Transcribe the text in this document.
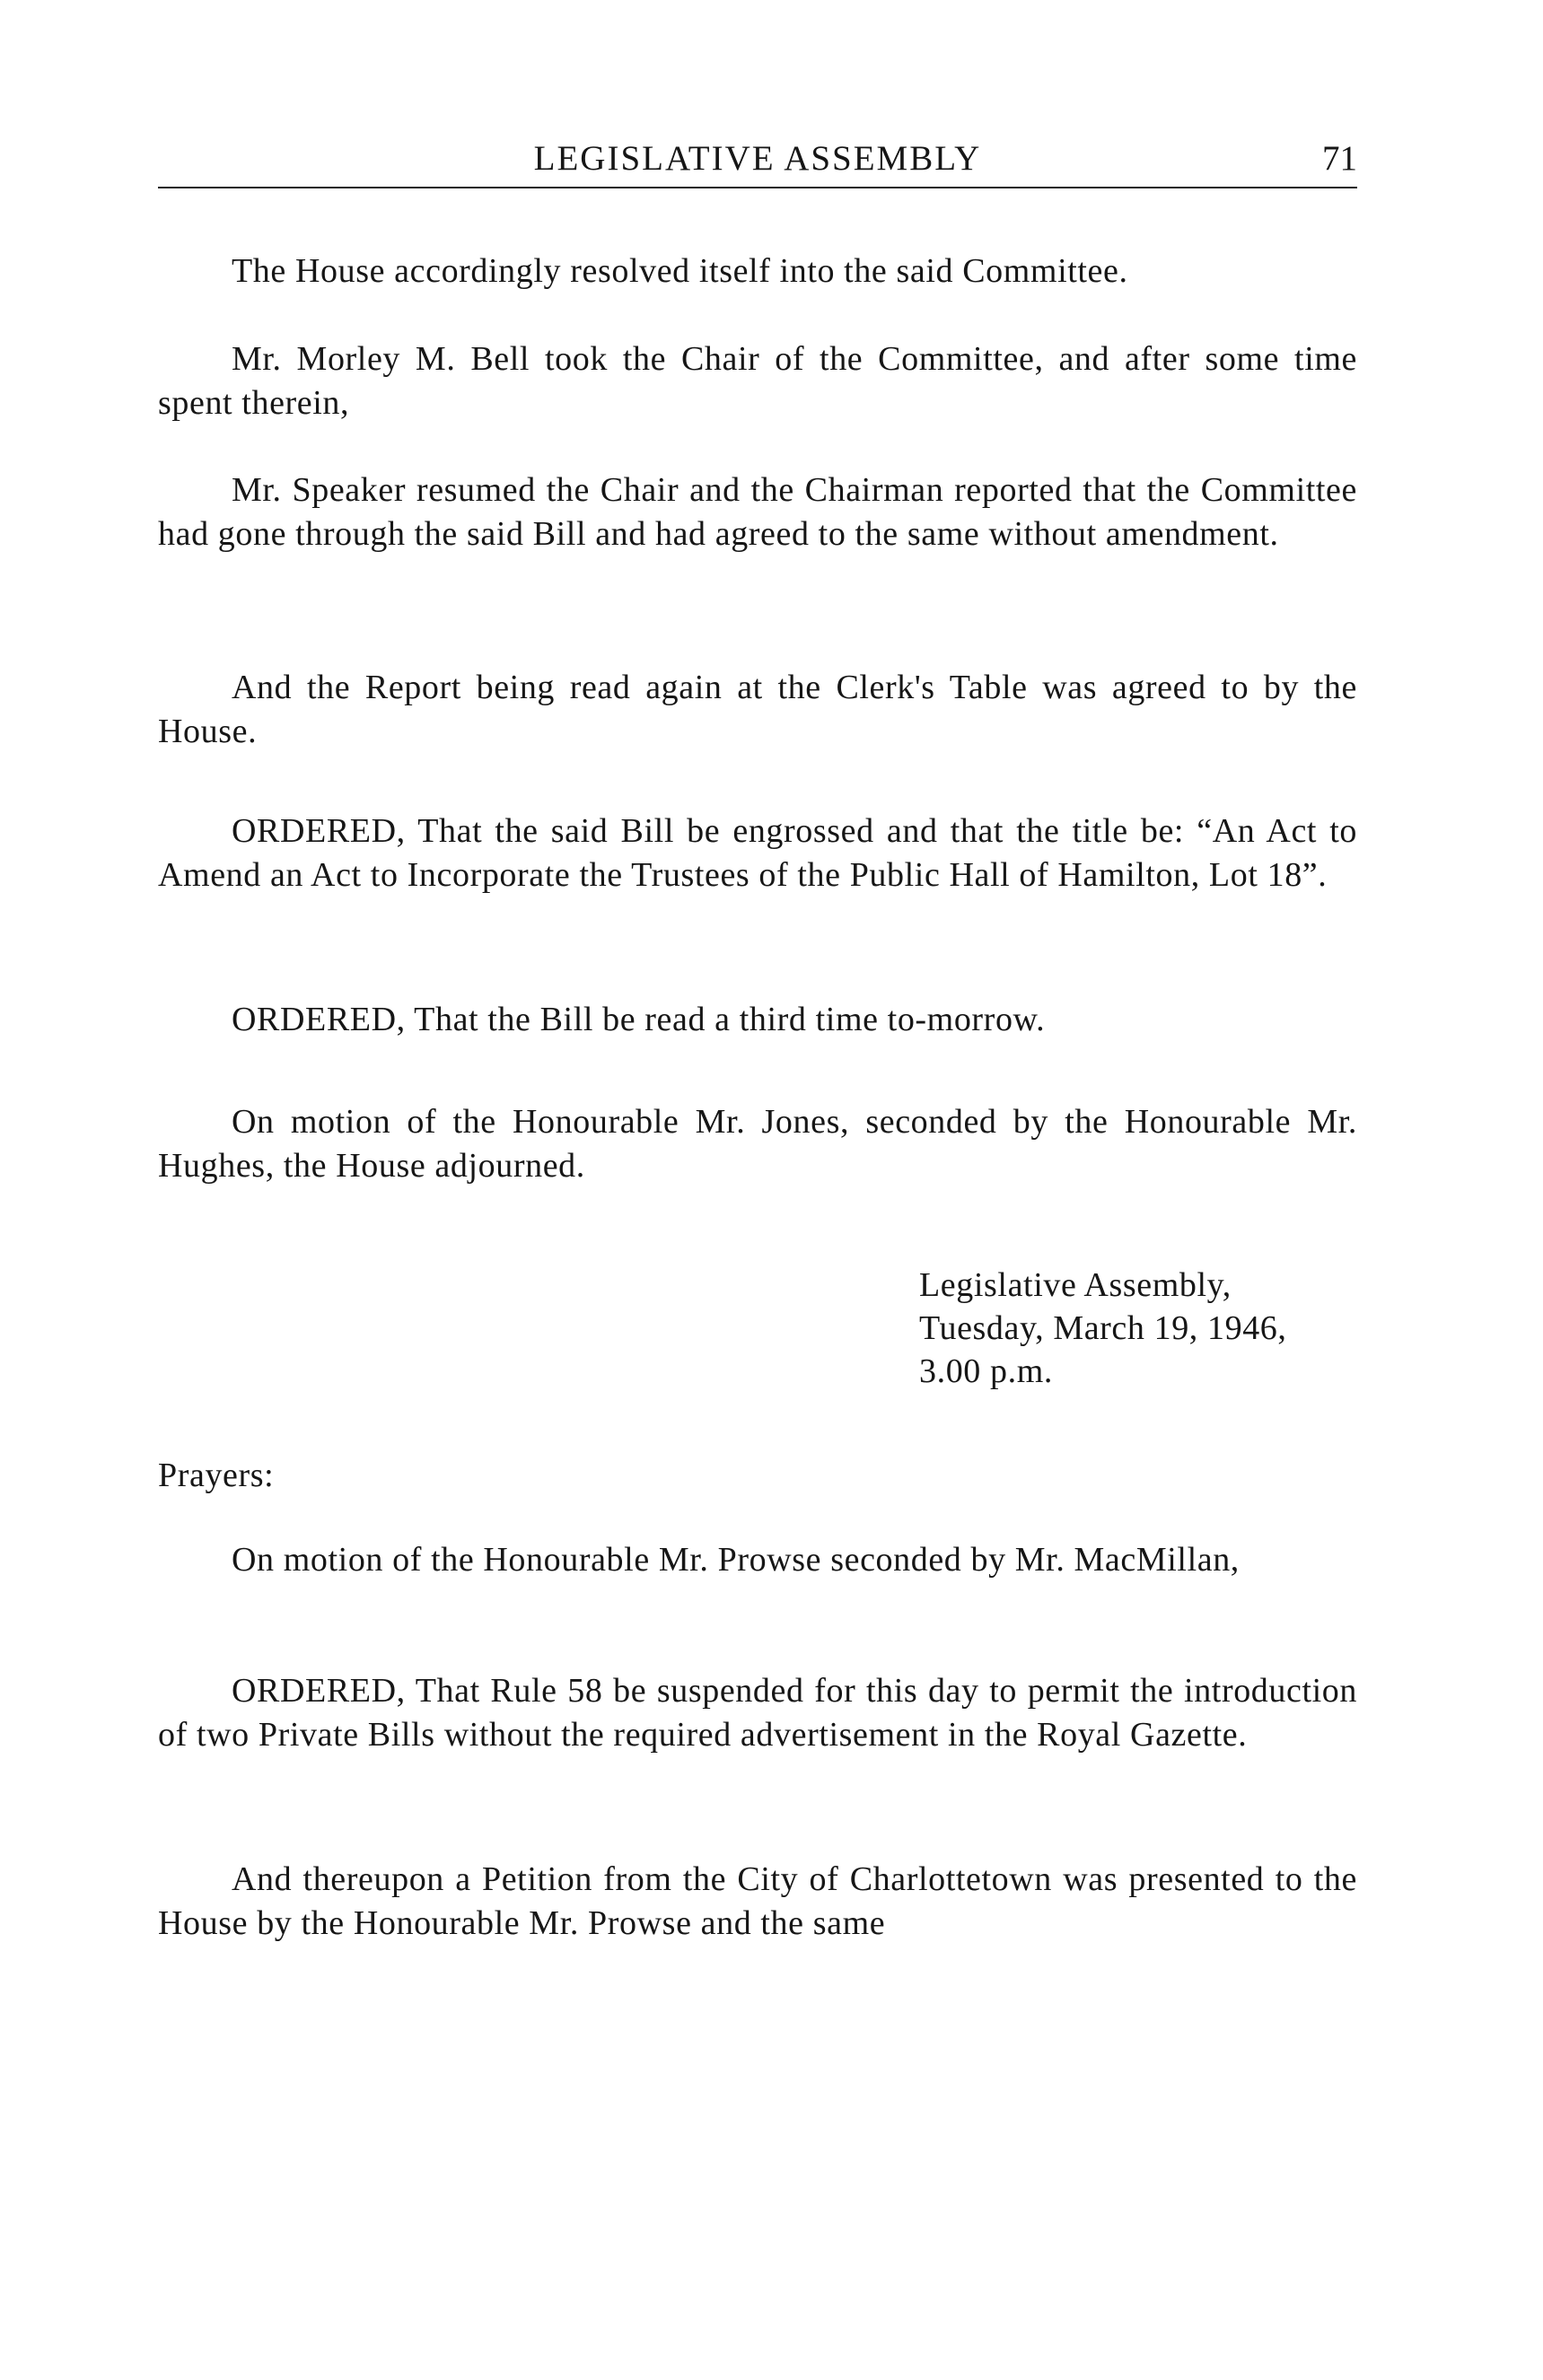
LEGISLATIVE ASSEMBLY	71

The House accordingly resolved itself into the said Committee.

Mr. Morley M. Bell took the Chair of the Committee, and after some time spent therein,

Mr. Speaker resumed the Chair and the Chairman reported that the Committee had gone through the said Bill and had agreed to the same without amendment.

And the Report being read again at the Clerk's Table was agreed to by the House.

ORDERED, That the said Bill be engrossed and that the title be: “An Act to Amend an Act to Incorporate the Trustees of the Public Hall of Hamilton, Lot 18”.

ORDERED, That the Bill be read a third time to-morrow.

On motion of the Honourable Mr. Jones, seconded by the Honourable Mr. Hughes, the House adjourned.

Legislative Assembly,
Tuesday, March 19, 1946,
3.00 p.m.

Prayers:

On motion of the Honourable Mr. Prowse seconded by Mr. MacMillan,

ORDERED, That Rule 58 be suspended for this day to permit the introduction of two Private Bills without the required advertisement in the Royal Gazette.

And thereupon a Petition from the City of Charlottetown was presented to the House by the Honourable Mr. Prowse and the same
